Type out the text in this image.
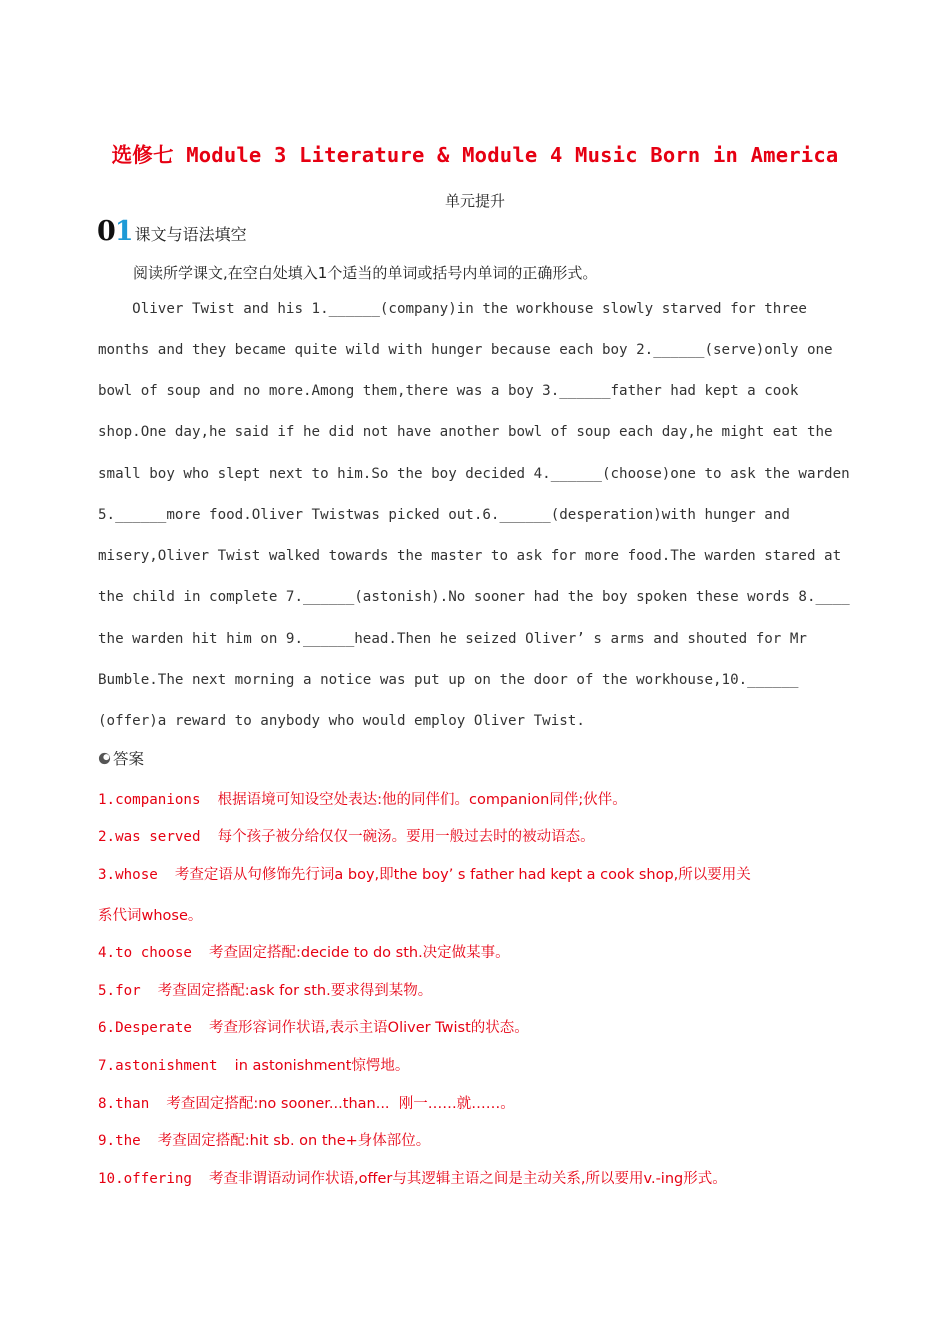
选修七 Module 3 Literature & Module 4 Music Born in America
单元提升
01 课文与语法填空
阅读所学课文,在空白处填入1个适当的单词或括号内单词的正确形式。
Oliver Twist and his 1.______(company)in the workhouse slowly starved for three
months and they became quite wild with hunger because each boy 2.______(serve)only one
bowl of soup and no more.Among them,there was a boy 3.______father had kept a cook
shop.One day,he said if he did not have another bowl of soup each day,he might eat the
small boy who slept next to him.So the boy decided 4.______(choose)one to ask the warden
5.______more food.Oliver Twistwas picked out.6.______(desperation)with hunger and
misery,Oliver Twist walked towards the master to ask for more food.The warden stared at
the child in complete 7.______(astonish).No sooner had the boy spoken these words 8.____
the warden hit him on 9.______head.Then he seized Oliver’ s arms and shouted for Mr
Bumble.The next morning a notice was put up on the door of the workhouse,10.______
(offer)a reward to anybody who would employ Oliver Twist.
答案
1.companions  根据语境可知设空处表达:他的同伴们。companion同伴;伙伴。
2.was served  每个孩子被分给仅仅一碗汤。要用一般过去时的被动语态。
3.whose  考查定语从句修饰先行词a boy,即the boy’ s father had kept a cook shop,所以要用关
系代词whose。
4.to choose  考查固定搭配:decide to do sth.决定做某事。
5.for  考查固定搭配:ask for sth.要求得到某物。
6.Desperate  考查形容词作状语,表示主语Oliver Twist的状态。
7.astonishment  in astonishment惊愕地。
8.than  考查固定搭配:no sooner...than...  刚一……就……。
9.the  考查固定搭配:hit sb. on the+身体部位。
10.offering  考查非谓语动词作状语,offer与其逻辑主语之间是主动关系,所以要用v.-ing形式。
